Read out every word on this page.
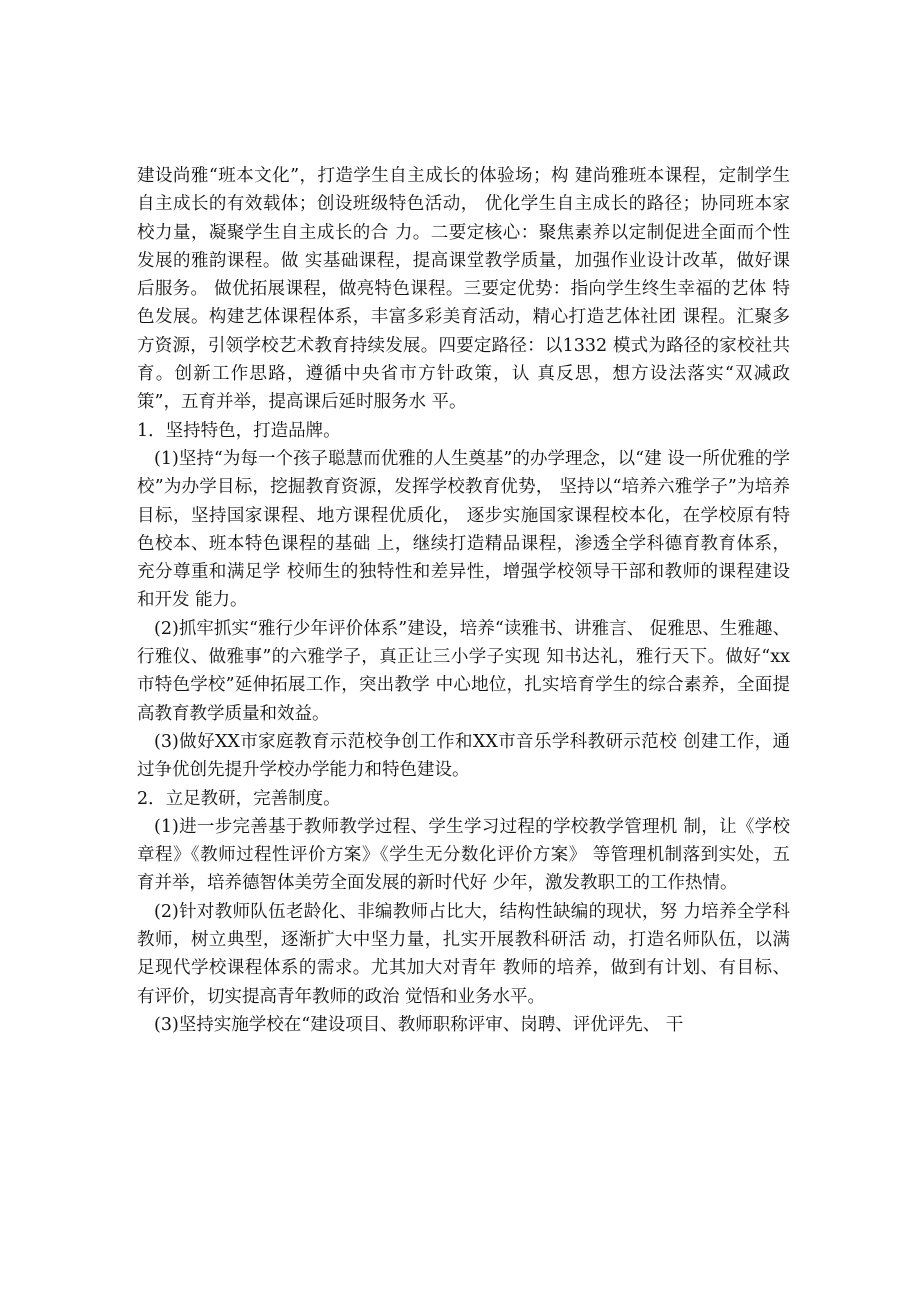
建设尚雅“班本文化”，打造学生自主成长的体验场；构 建尚雅班本课程，定制学生自主成长的有效载体；创设班级特色活动， 优化学生自主成长的路径；协同班本家校力量，凝聚学生自主成长的合 力。二要定核心：聚焦素养以定制促进全面而个性发展的雅韵课程。做 实基础课程，提高课堂教学质量，加强作业设计改革，做好课后服务。 做优拓展课程，做亮特色课程。三要定优势：指向学生终生幸福的艺体 特色发展。构建艺体课程体系，丰富多彩美育活动，精心打造艺体社团 课程。汇聚多方资源，引领学校艺术教育持续发展。四要定路径：以1332 模式为路径的家校社共育。创新工作思路，遵循中央省市方针政策，认 真反思，想方设法落实“双减政策”，五育并举，提高课后延时服务水 平。

1．坚持特色，打造品牌。

(1)坚持“为每一个孩子聪慧而优雅的人生奠基”的办学理念，以“建 设一所优雅的学校”为办学目标，挖掘教育资源，发挥学校教育优势， 坚持以“培养六雅学子”为培养目标，坚持国家课程、地方课程优质化， 逐步实施国家课程校本化，在学校原有特色校本、班本特色课程的基础 上，继续打造精品课程，渗透全学科德育教育体系，充分尊重和满足学 校师生的独特性和差异性，增强学校领导干部和教师的课程建设和开发 能力。

(2)抓牢抓实“雅行少年评价体系”建设，培养“读雅书、讲雅言、 促雅思、生雅趣、行雅仪、做雅事”的六雅学子，真正让三小学子实现 知书达礼，雅行天下。做好“xx市特色学校”延伸拓展工作，突出教学 中心地位，扎实培育学生的综合素养，全面提高教育教学质量和效益。

(3)做好XX市家庭教育示范校争创工作和XX市音乐学科教研示范校 创建工作，通过争优创先提升学校办学能力和特色建设。

2．立足教研，完善制度。

(1)进一步完善基于教师教学过程、学生学习过程的学校教学管理机 制，让《学校章程》《教师过程性评价方案》《学生无分数化评价方案》 等管理机制落到实处，五育并举，培养德智体美劳全面发展的新时代好 少年，激发教职工的工作热情。

(2)针对教师队伍老龄化、非编教师占比大，结构性缺编的现状，努 力培养全学科教师，树立典型，逐渐扩大中坚力量，扎实开展教科研活 动，打造名师队伍，以满足现代学校课程体系的需求。尤其加大对青年 教师的培养，做到有计划、有目标、有评价，切实提高青年教师的政治 觉悟和业务水平。

(3)坚持实施学校在“建设项目、教师职称评审、岗聘、评优评先、 干
